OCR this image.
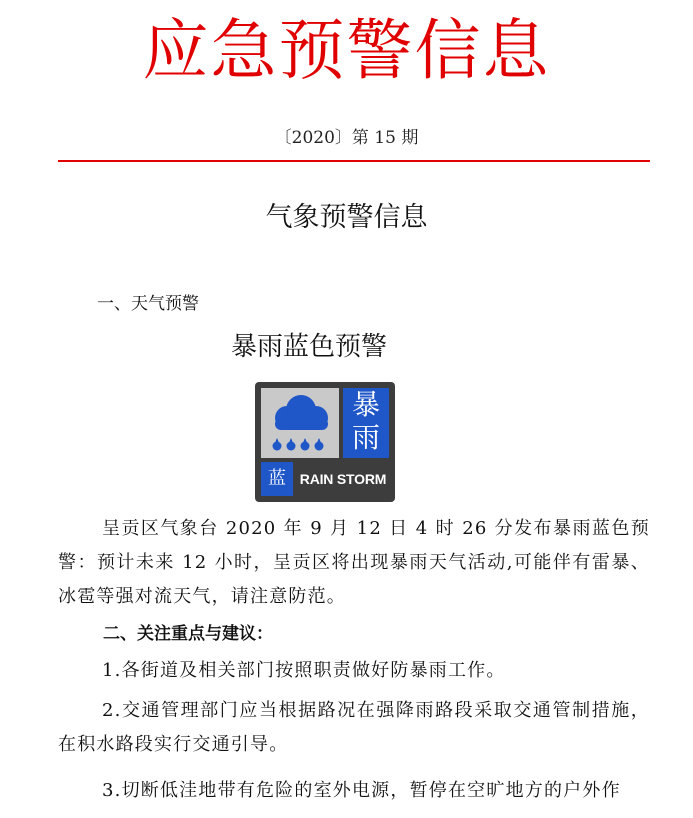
应急预警信息
〔2020〕第 15 期
气象预警信息
一、天气预警
暴雨蓝色预警
暴
雨
蓝 RAIN STORM
呈贡区气象台 2020 年 9 月 12 日 4 时 26 分发布暴雨蓝色预警：预计未来 12 小时，呈贡区将出现暴雨天气活动,可能伴有雷暴、冰雹等强对流天气，请注意防范。
二、关注重点与建议：
1.各街道及相关部门按照职责做好防暴雨工作。
2.交通管理部门应当根据路况在强降雨路段采取交通管制措施，在积水路段实行交通引导。
3.切断低洼地带有危险的室外电源，暂停在空旷地方的户外作
